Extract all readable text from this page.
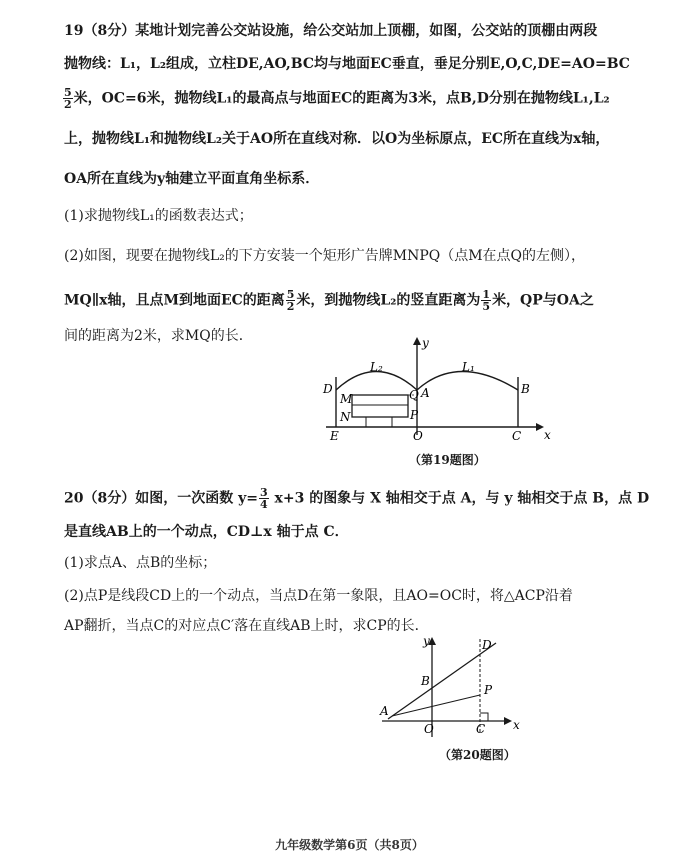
19（8分）某地计划完善公交站设施，给公交站加上顶棚，如图，公交站的顶棚由两段
抛物线：L₁，L₂组成，立柱DE,AO,BC均与地面EC垂直，垂足分别E,O,C,DE=AO=BC
$\frac{5}{2}$ 米，OC=6米，抛物线L₁的最高点与地面EC的距离为3米，点B,D分别在抛物线L₁,L₂
上，抛物线L₁和抛物线L₂关于AO所在直线对称．以O为坐标原点，EC所在直线为x轴，
OA所在直线为y轴建立平面直角坐标系．
(1)求抛物线L₁的函数表达式；
(2)如图，现要在抛物线L₂的下方安装一个矩形广告牌MNPQ（点M在点Q的左侧），
MQ∥x轴，且点M到地面EC的距离 $\frac{5}{2}$ 米，到抛物线L₂的竖直距离为 $\frac{1}{5}$ 米，QP与OA之
间的距离为2米，求MQ的长．	y
x
L₂	L₁
D	B
M	Q A
N	P
E	O	C
（第19题图）
20（8分）如图，一次函数 $y= \frac{3}{4} x+3$ 的图象与 X 轴相交于点 A，与 y 轴相交于点 B，点 D
是直线AB上的一个动点，CD⊥x 轴于点 C．
(1)求点A、点B的坐标；
(2)点P是线段CD上的一个动点，当点D在第一象限，且AO=OC时，将△ACP沿着
AP翻折，当点C的对应点C′落在直线AB上时，求CP的长．
y
x
D
B
P
A
O	C
（第20题图）
九年级数学第6页（共8页）
